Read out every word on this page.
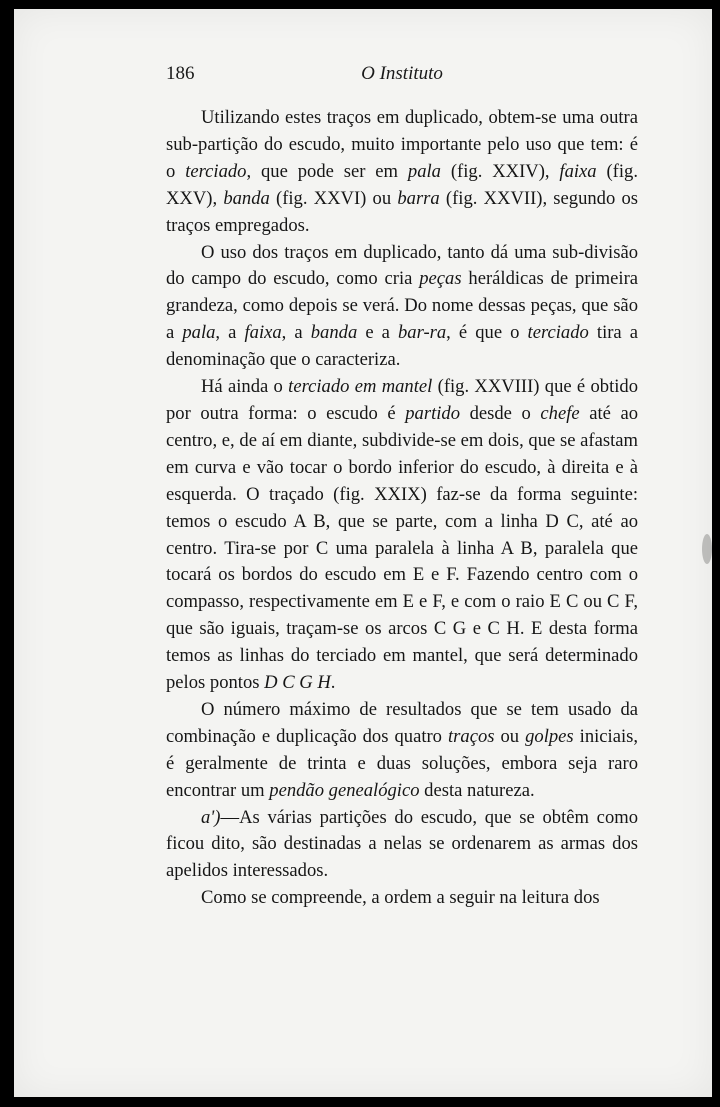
186	O Instituto

Utilizando estes traços em duplicado, obtem-se uma outra sub-partição do escudo, muito importante pelo uso que tem: é o terciado, que pode ser em pala (fig. XXIV), faixa (fig. XXV), banda (fig. XXVI) ou barra (fig. XXVII), segundo os traços empregados.

O uso dos traços em duplicado, tanto dá uma sub-divisão do campo do escudo, como cria peças heráldicas de primeira grandeza, como depois se verá. Do nome dessas peças, que são a pala, a faixa, a banda e a bar-ra, é que o terciado tira a denominação que o caracteriza.

Há ainda o terciado em mantel (fig. XXVIII) que é obtido por outra forma: o escudo é partido desde o chefe até ao centro, e, de aí em diante, subdivide-se em dois, que se afastam em curva e vão tocar o bordo inferior do escudo, à direita e à esquerda. O traçado (fig. XXIX) faz-se da forma seguinte: temos o escudo A B, que se parte, com a linha D C, até ao centro. Tira-se por C uma paralela à linha A B, paralela que tocará os bordos do escudo em E e F. Fazendo centro com o compasso, respectivamente em E e F, e com o raio E C ou C F, que são iguais, traçam-se os arcos C G e C H. E desta forma temos as linhas do terciado em mantel, que será determinado pelos pontos D C G H.

O número máximo de resultados que se tem usado da combinação e duplicação dos quatro traços ou golpes iniciais, é geralmente de trinta e duas soluções, embora seja raro encontrar um pendão genealógico desta natureza.

a')—As várias partições do escudo, que se obtêm como ficou dito, são destinadas a nelas se ordenarem as armas dos apelidos interessados.

Como se compreende, a ordem a seguir na leitura dos
